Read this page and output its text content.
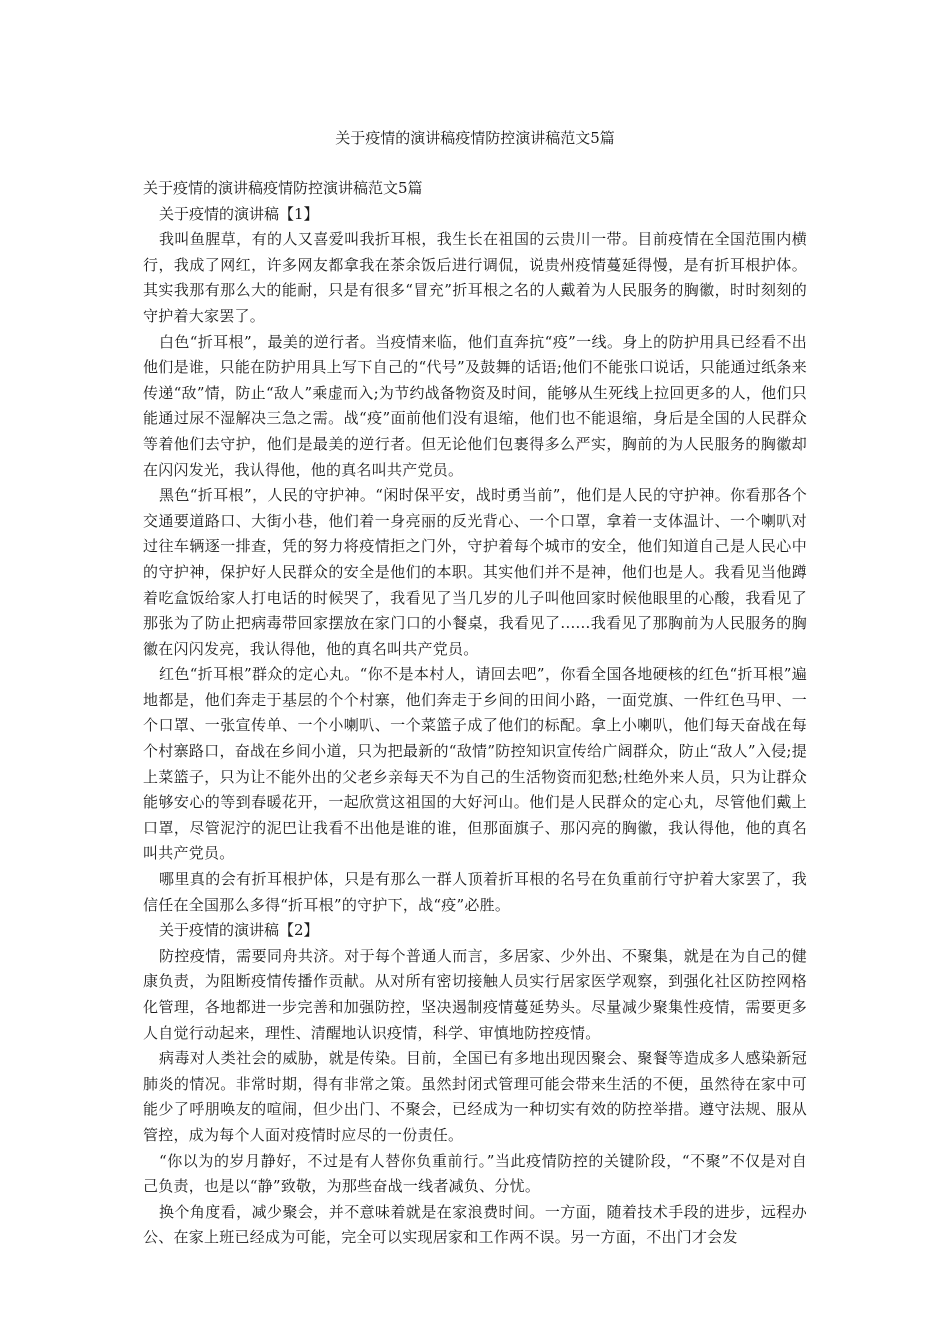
关于疫情的演讲稿疫情防控演讲稿范文5篇
关于疫情的演讲稿疫情防控演讲稿范文5篇
关于疫情的演讲稿【1】

我叫鱼腥草，有的人又喜爱叫我折耳根，我生长在祖国的云贵川一带。目前疫情在全国范围内横行，我成了网红，许多网友都拿我在茶余饭后进行调侃，说贵州疫情蔓延得慢，是有折耳根护体。其实我那有那么大的能耐，只是有很多“冒充”折耳根之名的人戴着为人民服务的胸徽，时时刻刻的守护着大家罢了。

白色“折耳根”，最美的逆行者。当疫情来临，他们直奔抗“疫”一线。身上的防护用具已经看不出他们是谁，只能在防护用具上写下自己的“代号”及鼓舞的话语;他们不能张口说话，只能通过纸条来传递“敌”情，防止“敌人”乘虚而入;为节约战备物资及时间，能够从生死线上拉回更多的人，他们只能通过尿不湿解决三急之需。战“疫”面前他们没有退缩，他们也不能退缩，身后是全国的人民群众等着他们去守护，他们是最美的逆行者。但无论他们包裹得多么严实，胸前的为人民服务的胸徽却在闪闪发光，我认得他，他的真名叫共产党员。

黑色“折耳根”，人民的守护神。“闲时保平安，战时勇当前”，他们是人民的守护神。你看那各个交通要道路口、大街小巷，他们着一身亮丽的反光背心、一个口罩，拿着一支体温计、一个喇叭对过往车辆逐一排查，凭的努力将疫情拒之门外，守护着每个城市的安全，他们知道自己是人民心中的守护神，保护好人民群众的安全是他们的本职。其实他们并不是神，他们也是人。我看见当他蹲着吃盒饭给家人打电话的时候哭了，我看见了当几岁的儿子叫他回家时候他眼里的心酸，我看见了那张为了防止把病毒带回家摆放在家门口的小餐桌，我看见了......我看见了那胸前为人民服务的胸徽在闪闪发亮，我认得他，他的真名叫共产党员。

红色“折耳根”群众的定心丸。“你不是本村人，请回去吧”，你看全国各地硬核的红色“折耳根”遍地都是，他们奔走于基层的个个村寨，他们奔走于乡间的田间小路，一面党旗、一件红色马甲、一个口罩、一张宣传单、一个小喇叭、一个菜篮子成了他们的标配。拿上小喇叭，他们每天奋战在每个村寨路口，奋战在乡间小道，只为把最新的“敌情”防控知识宣传给广阔群众，防止“敌人”入侵;提上菜篮子，只为让不能外出的父老乡亲每天不为自己的生活物资而犯愁;杜绝外来人员，只为让群众能够安心的等到春暖花开，一起欣赏这祖国的大好河山。他们是人民群众的定心丸，尽管他们戴上口罩，尽管泥泞的泥巴让我看不出他是谁的谁，但那面旗子、那闪亮的胸徽，我认得他，他的真名叫共产党员。

哪里真的会有折耳根护体，只是有那么一群人顶着折耳根的名号在负重前行守护着大家罢了，我信任在全国那么多得“折耳根”的守护下，战“疫”必胜。

关于疫情的演讲稿【2】

防控疫情，需要同舟共济。对于每个普通人而言，多居家、少外出、不聚集，就是在为自己的健康负责，为阻断疫情传播作贡献。从对所有密切接触人员实行居家医学观察，到强化社区防控网格化管理，各地都进一步完善和加强防控，坚决遏制疫情蔓延势头。尽量减少聚集性疫情，需要更多人自觉行动起来，理性、清醒地认识疫情，科学、审慎地防控疫情。

病毒对人类社会的威胁，就是传染。目前，全国已有多地出现因聚会、聚餐等造成多人感染新冠肺炎的情况。非常时期，得有非常之策。虽然封闭式管理可能会带来生活的不便，虽然待在家中可能少了呼朋唤友的喧闹，但少出门、不聚会，已经成为一种切实有效的防控举措。遵守法规、服从管控，成为每个人面对疫情时应尽的一份责任。

“你以为的岁月静好，不过是有人替你负重前行。”当此疫情防控的关键阶段，“不聚”不仅是对自己负责，也是以“静”致敬，为那些奋战一线者减负、分忧。

换个角度看，减少聚会，并不意味着就是在家浪费时间。一方面，随着技术手段的进步，远程办公、在家上班已经成为可能，完全可以实现居家和工作两不误。另一方面，不出门才会发
